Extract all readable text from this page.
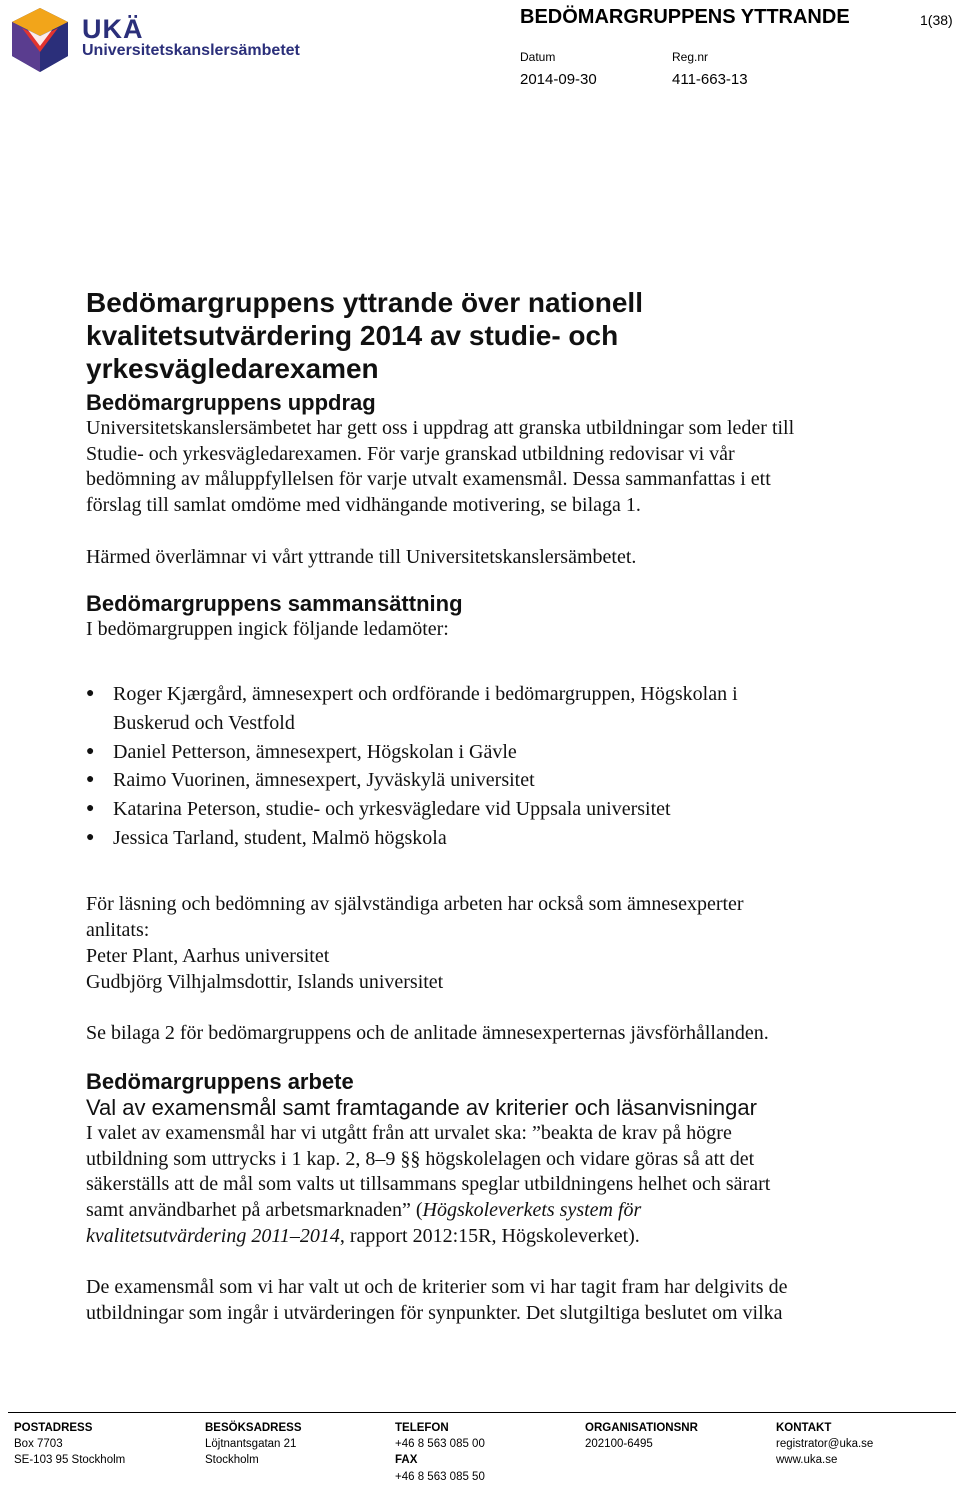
UKÄ
Universitetskanslersämbetet
BEDÖMARGRUPPENS YTTRANDE	1(38)
Datum	Reg.nr
2014-09-30	411-663-13
Bedömargruppens yttrande över nationell
kvalitetsutvärdering 2014 av studie- och
yrkesvägledarexamen
Bedömargruppens uppdrag

Universitetskanslersämbetet har gett oss i uppdrag att granska utbildningar som leder till
Studie- och yrkesvägledarexamen. För varje granskad utbildning redovisar vi vår
bedömning av måluppfyllelsen för varje utvalt examensmål. Dessa sammanfattas i ett
förslag till samlat omdöme med vidhängande motivering, se bilaga 1.

Härmed överlämnar vi vårt yttrande till Universitetskanslersämbetet.

Bedömargruppens sammansättning

I bedömargruppen ingick följande ledamöter:

● Roger Kjærgård, ämnesexpert och ordförande i bedömargruppen, Högskolan i
Buskerud och Vestfold
● Daniel Petterson, ämnesexpert, Högskolan i Gävle
● Raimo Vuorinen, ämnesexpert, Jyväskylä universitet
● Katarina Peterson, studie- och yrkesvägledare vid Uppsala universitet
● Jessica Tarland, student, Malmö högskola

För läsning och bedömning av självständiga arbeten har också som ämnesexperter
anlitats:
Peter Plant, Aarhus universitet
Gudbjörg Vilhjalmsdottir, Islands universitet

Se bilaga 2 för bedömargruppens och de anlitade ämnesexperternas jävsförhållanden.

Bedömargruppens arbete
Val av examensmål samt framtagande av kriterier och läsanvisningar

I valet av examensmål har vi utgått från att urvalet ska: ”beakta de krav på högre
utbildning som uttrycks i 1 kap. 2, 8–9 §§ högskolelagen och vidare göras så att det
säkerställs att de mål som valts ut tillsammans speglar utbildningens helhet och särart
samt användbarhet på arbetsmarknaden” (Högskoleverkets system för
kvalitetsutvärdering 2011–2014, rapport 2012:15R, Högskoleverket).

De examensmål som vi har valt ut och de kriterier som vi har tagit fram har delgivits de
utbildningar som ingår i utvärderingen för synpunkter. Det slutgiltiga beslutet om vilka

POSTADRESS
Box 7703
SE-103 95 Stockholm
BESÖKSADRESS
Löjtnantsgatan 21
Stockholm
TELEFON
+46 8 563 085 00
FAX
+46 8 563 085 50
ORGANISATIONSNR
202100-6495
KONTAKT
registrator@uka.se
www.uka.se
